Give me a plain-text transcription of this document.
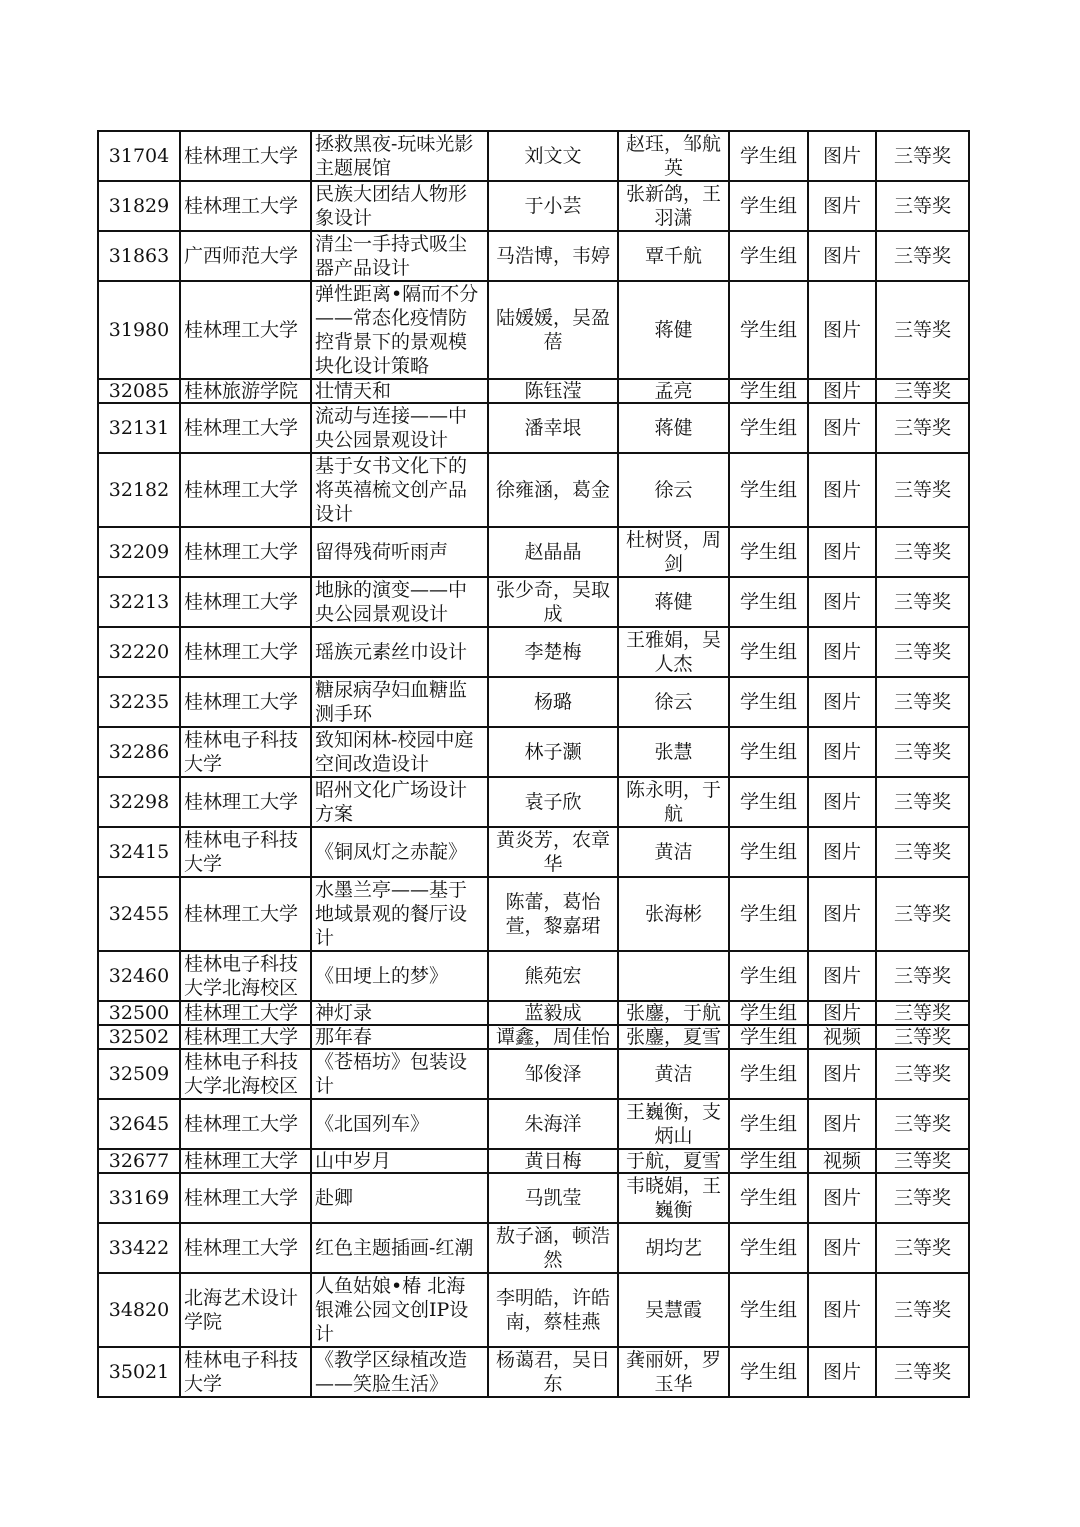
31704	桂林理工大学	拯救黑夜-玩味光影主题展馆	刘文文	赵珏，邹航英	学生组	图片	三等奖
31829	桂林理工大学	民族大团结人物形象设计	于小芸	张新鸽，王羽潇	学生组	图片	三等奖
31863	广西师范大学	清尘一手持式吸尘器产品设计	马浩博，韦婷	覃千航	学生组	图片	三等奖
31980	桂林理工大学	弹性距离•隔而不分——常态化疫情防控背景下的景观模块化设计策略	陆媛媛，吴盈蓓	蒋健	学生组	图片	三等奖
32085	桂林旅游学院	壮情天和	陈钰滢	孟亮	学生组	图片	三等奖
32131	桂林理工大学	流动与连接——中央公园景观设计	潘幸垠	蒋健	学生组	图片	三等奖
32182	桂林理工大学	基于女书文化下的将英禧梳文创产品设计	徐雍涵，葛金	徐云	学生组	图片	三等奖
32209	桂林理工大学	留得残荷听雨声	赵晶晶	杜树贤，周剑	学生组	图片	三等奖
32213	桂林理工大学	地脉的演变——中央公园景观设计	张少奇，吴取成	蒋健	学生组	图片	三等奖
32220	桂林理工大学	瑶族元素丝巾设计	李楚梅	王雅娟，吴人杰	学生组	图片	三等奖
32235	桂林理工大学	糖尿病孕妇血糖监测手环	杨璐	徐云	学生组	图片	三等奖
32286	桂林电子科技大学	致知闲林-校园中庭空间改造设计	林子灏	张慧	学生组	图片	三等奖
32298	桂林理工大学	昭州文化广场设计方案	袁子欣	陈永明，于航	学生组	图片	三等奖
32415	桂林电子科技大学	《铜凤灯之赤靛》	黄炎芳，农章华	黄洁	学生组	图片	三等奖
32455	桂林理工大学	水墨兰亭——基于地域景观的餐厅设计	陈蕾，葛怡萱，黎嘉珺	张海彬	学生组	图片	三等奖
32460	桂林电子科技大学北海校区	《田埂上的梦》	熊苑宏		学生组	图片	三等奖
32500	桂林理工大学	神灯录	蓝毅成	张鏖，于航	学生组	图片	三等奖
32502	桂林理工大学	那年春	谭鑫，周佳怡	张鏖，夏雪	学生组	视频	三等奖
32509	桂林电子科技大学北海校区	《苍梧坊》包装设计	邹俊泽	黄洁	学生组	图片	三等奖
32645	桂林理工大学	《北国列车》	朱海洋	王巍衡，支炳山	学生组	图片	三等奖
32677	桂林理工大学	山中岁月	黄日梅	于航，夏雪	学生组	视频	三等奖
33169	桂林理工大学	赴卿	马凯莹	韦晓娟，王巍衡	学生组	图片	三等奖
33422	桂林理工大学	红色主题插画-红潮	敖子涵，顿浩然	胡均艺	学生组	图片	三等奖
34820	北海艺术设计学院	人鱼姑娘•椿 北海银滩公园文创IP设计	李明皓，许皓南，蔡桂燕	吴慧霞	学生组	图片	三等奖
35021	桂林电子科技大学	《教学区绿植改造——笑脸生活》	杨蔼君，吴日东	龚丽妍，罗玉华	学生组	图片	三等奖
